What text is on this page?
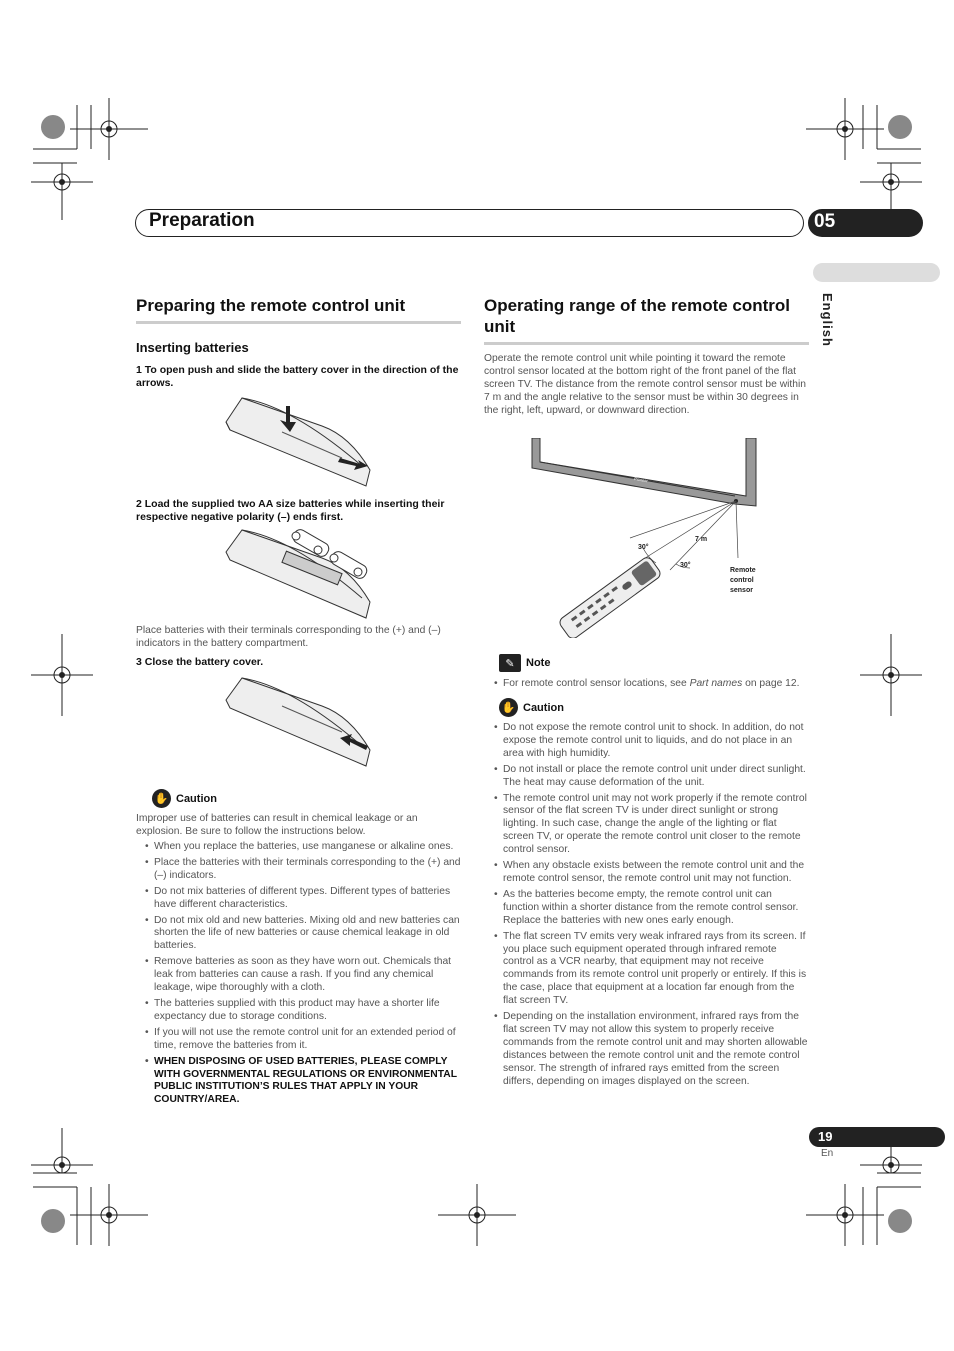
Preparation	05
English
Preparing the remote control unit
Inserting batteries
1 To open push and slide the battery cover in the direction of the arrows.
2 Load the supplied two AA size batteries while inserting their respective negative polarity (–) ends first.
Place batteries with their terminals corresponding to the (+) and (–) indicators in the battery compartment.
3 Close the battery cover.
✋ Caution
Improper use of batteries can result in chemical leakage or an explosion. Be sure to follow the instructions below.
• When you replace the batteries, use manganese or alkaline ones.
• Place the batteries with their terminals corresponding to the (+) and (–) indicators.
• Do not mix batteries of different types. Different types of batteries have different characteristics.
• Do not mix old and new batteries. Mixing old and new batteries can shorten the life of new batteries or cause chemical leakage in old batteries.
• Remove batteries as soon as they have worn out. Chemicals that leak from batteries can cause a rash. If you find any chemical leakage, wipe thoroughly with a cloth.
• The batteries supplied with this product may have a shorter life expectancy due to storage conditions.
• If you will not use the remote control unit for an extended period of time, remove the batteries from it.
• WHEN DISPOSING OF USED BATTERIES, PLEASE COMPLY WITH GOVERNMENTAL REGULATIONS OR ENVIRONMENTAL PUBLIC INSTITUTION’S RULES THAT APPLY IN YOUR COUNTRY/AREA.
Operating range of the remote control unit
Operate the remote control unit while pointing it toward the remote control sensor located at the bottom right of the front panel of the flat screen TV. The distance from the remote control sensor must be within 7 m and the angle relative to the sensor must be within 30 degrees in the right, left, upward, or downward direction.
Pioneer
30°
7 m
30°
Remote
control
sensor
✎	Note
• For remote control sensor locations, see Part names on page 12.
✋ Caution
• Do not expose the remote control unit to shock. In addition, do not expose the remote control unit to liquids, and do not place in an area with high humidity.
• Do not install or place the remote control unit under direct sunlight. The heat may cause deformation of the unit.
• The remote control unit may not work properly if the remote control sensor of the flat screen TV is under direct sunlight or strong lighting. In such case, change the angle of the lighting or flat screen TV, or operate the remote control unit closer to the remote control sensor.
• When any obstacle exists between the remote control unit and the remote control sensor, the remote control unit may not function.
• As the batteries become empty, the remote control unit can function within a shorter distance from the remote control sensor. Replace the batteries with new ones early enough.
• The flat screen TV emits very weak infrared rays from its screen. If you place such equipment operated through infrared remote control as a VCR nearby, that equipment may not receive commands from its remote control unit properly or entirely. If this is the case, place that equipment at a location far enough from the flat screen TV.
• Depending on the installation environment, infrared rays from the flat screen TV may not allow this system to properly receive commands from the remote control unit and may shorten allowable distances between the remote control unit and the remote control sensor. The strength of infrared rays emitted from the screen differs, depending on images displayed on the screen.
19
En
